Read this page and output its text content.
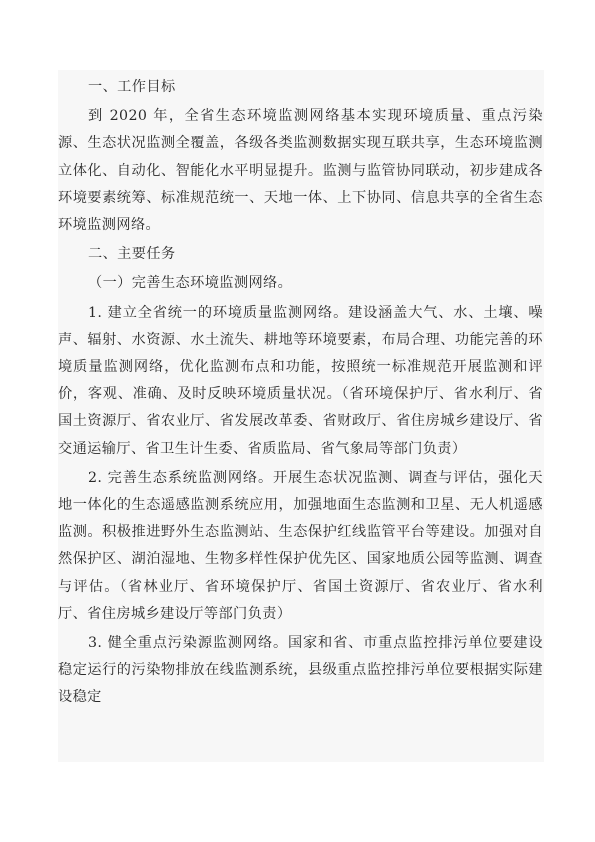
一、工作目标

到 2020 年，全省生态环境监测网络基本实现环境质量、重点污染源、生态状况监测全覆盖，各级各类监测数据实现互联共享，生态环境监测立体化、自动化、智能化水平明显提升。监测与监管协同联动，初步建成各环境要素统筹、标准规范统一、天地一体、上下协同、信息共享的全省生态环境监测网络。

二、主要任务

（一）完善生态环境监测网络。

1. 建立全省统一的环境质量监测网络。建设涵盖大气、水、土壤、噪声、辐射、水资源、水土流失、耕地等环境要素，布局合理、功能完善的环境质量监测网络，优化监测布点和功能，按照统一标准规范开展监测和评价，客观、准确、及时反映环境质量状况。（省环境保护厅、省水利厅、省国土资源厅、省农业厅、省发展改革委、省财政厅、省住房城乡建设厅、省交通运输厅、省卫生计生委、省质监局、省气象局等部门负责）

2. 完善生态系统监测网络。开展生态状况监测、调查与评估，强化天地一体化的生态遥感监测系统应用，加强地面生态监测和卫星、无人机遥感监测。积极推进野外生态监测站、生态保护红线监管平台等建设。加强对自然保护区、湖泊湿地、生物多样性保护优先区、国家地质公园等监测、调查与评估。（省林业厅、省环境保护厅、省国土资源厅、省农业厅、省水利厅、省住房城乡建设厅等部门负责）

3. 健全重点污染源监测网络。国家和省、市重点监控排污单位要建设稳定运行的污染物排放在线监测系统，县级重点监控排污单位要根据实际建设稳定
